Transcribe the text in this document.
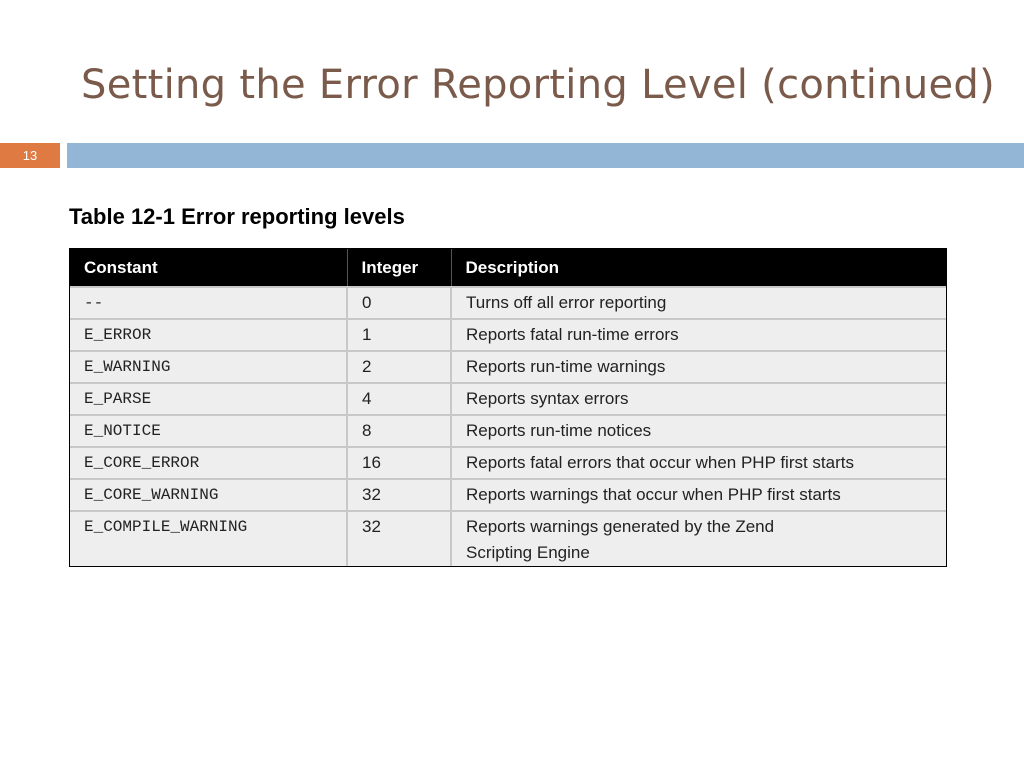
Setting the Error Reporting Level (continued)
13

Table 12-1 Error reporting levels

Constant	Integer	Description
--	0	Turns off all error reporting
E_ERROR	1	Reports fatal run-time errors
E_WARNING	2	Reports run-time warnings
E_PARSE	4	Reports syntax errors
E_NOTICE	8	Reports run-time notices
E_CORE_ERROR	16	Reports fatal errors that occur when PHP first starts
E_CORE_WARNING	32	Reports warnings that occur when PHP first starts
E_COMPILE_WARNING	32	Reports warnings generated by the Zend Scripting Engine
